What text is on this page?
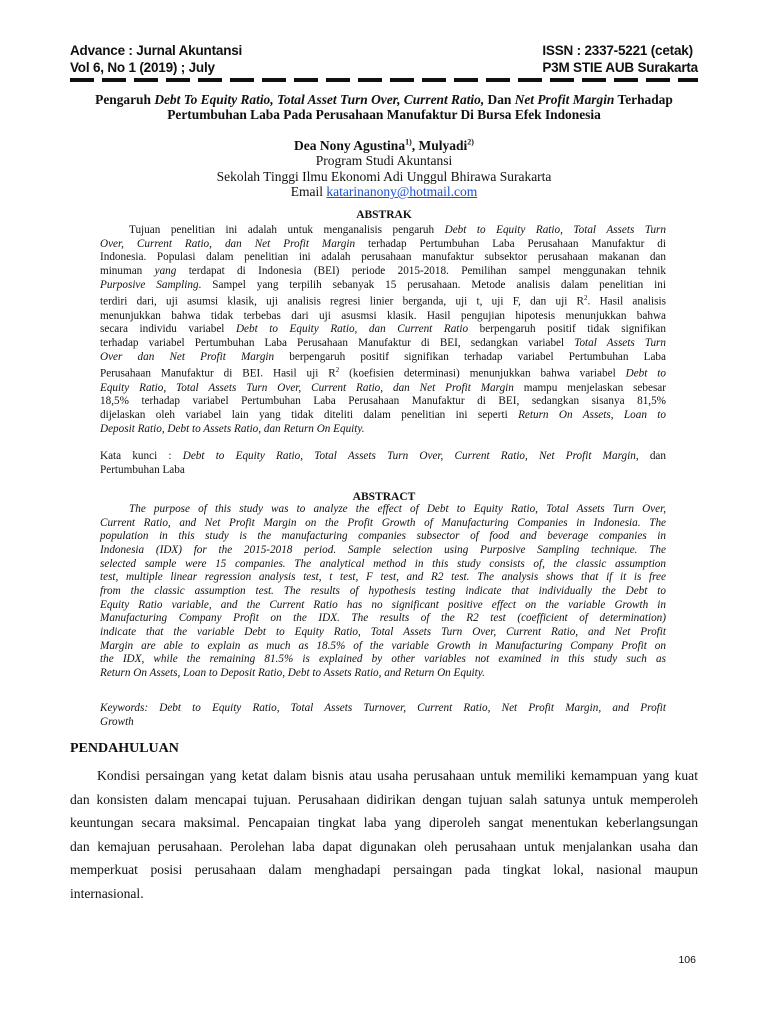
Advance : Jurnal Akuntansi
Vol 6, No 1 (2019) ; July
ISSN : 2337-5221 (cetak)
P3M STIE AUB Surakarta
Pengaruh Debt To Equity Ratio, Total Asset Turn Over, Current Ratio, Dan Net Profit Margin Terhadap
Pertumbuhan Laba Pada Perusahaan Manufaktur Di Bursa Efek Indonesia
Dea Nony Agustina$^{1)}$, Mulyadi$^{2)}$
Program Studi Akuntansi
Sekolah Tinggi Ilmu Ekonomi Adi Unggul Bhirawa Surakarta
Email katarinanony@hotmail.com
ABSTRAK
Tujuan penelitian ini adalah untuk menganalisis pengaruh Debt to Equity Ratio, Total Assets Turn
Over, Current Ratio, dan Net Profit Margin terhadap Pertumbuhan Laba Perusahaan Manufaktur di
Indonesia. Populasi dalam penelitian ini adalah perusahaan manufaktur subsektor perusahaan makanan dan
minuman yang terdapat di Indonesia (BEI) periode 2015-2018. Pemilihan sampel menggunakan tehnik
Purposive Sampling. Sampel yang terpilih sebanyak 15 perusahaan. Metode analisis dalam penelitian ini
terdiri dari, uji asumsi klasik, uji analisis regresi linier berganda, uji t, uji F, dan uji $R^2$. Hasil analisis
menunjukkan bahwa tidak terbebas dari uji asusmsi klasik. Hasil pengujian hipotesis menunjukkan bahwa
secara individu variabel Debt to Equity Ratio, dan Current Ratio berpengaruh positif tidak signifikan
terhadap variabel Pertumbuhan Laba Perusahaan Manufaktur di BEI, sedangkan variabel Total Assets Turn
Over dan Net Profit Margin berpengaruh positif signifikan terhadap variabel Pertumbuhan Laba
Perusahaan Manufaktur di BEI. Hasil uji $R^2$ (koefisien determinasi) menunjukkan bahwa variabel Debt to
Equity Ratio, Total Assets Turn Over, Current Ratio, dan Net Profit Margin mampu menjelaskan sebesar
18,5% terhadap variabel Pertumbuhan Laba Perusahaan Manufaktur di BEI, sedangkan sisanya 81,5%
dijelaskan oleh variabel lain yang tidak diteliti dalam penelitian ini seperti Return On Assets, Loan to
Deposit Ratio, Debt to Assets Ratio, dan Return On Equity.
Kata kunci : Debt to Equity Ratio, Total Assets Turn Over, Current Ratio, Net Profit Margin, dan
Pertumbuhan Laba
ABSTRACT
The purpose of this study was to analyze the effect of Debt to Equity Ratio, Total Assets Turn Over,
Current Ratio, and Net Profit Margin on the Profit Growth of Manufacturing Companies in Indonesia. The
population in this study is the manufacturing companies subsector of food and beverage companies in
Indonesia (IDX) for the 2015-2018 period. Sample selection using Purposive Sampling technique. The
selected sample were 15 companies. The analytical method in this study consists of, the classic assumption
test, multiple linear regression analysis test, t test, F test, and R2 test. The analysis shows that if it is free
from the classic assumption test. The results of hypothesis testing indicate that individually the Debt to
Equity Ratio variable, and the Current Ratio has no significant positive effect on the variable Growth in
Manufacturing Company Profit on the IDX. The results of the R2 test (coefficient of determination)
indicate that the variable Debt to Equity Ratio, Total Assets Turn Over, Current Ratio, and Net Profit
Margin are able to explain as much as 18.5% of the variable Growth in Manufacturing Company Profit on
the IDX, while the remaining 81.5% is explained by other variables not examined in this study such as
Return On Assets, Loan to Deposit Ratio, Debt to Assets Ratio, and Return On Equity.
Keywords: Debt to Equity Ratio, Total Assets Turnover, Current Ratio, Net Profit Margin, and Profit
Growth
PENDAHULUAN
Kondisi persaingan yang ketat dalam bisnis atau usaha perusahaan untuk memiliki kemampuan yang kuat
dan konsisten dalam mencapai tujuan. Perusahaan didirikan dengan tujuan salah satunya untuk memperoleh
keuntungan secara maksimal. Pencapaian tingkat laba yang diperoleh sangat menentukan keberlangsungan
dan kemajuan perusahaan. Perolehan laba dapat digunakan oleh perusahaan untuk menjalankan usaha dan
memperkuat posisi perusahaan dalam menghadapi persaingan pada tingkat lokal, nasional maupun
internasional.
106
